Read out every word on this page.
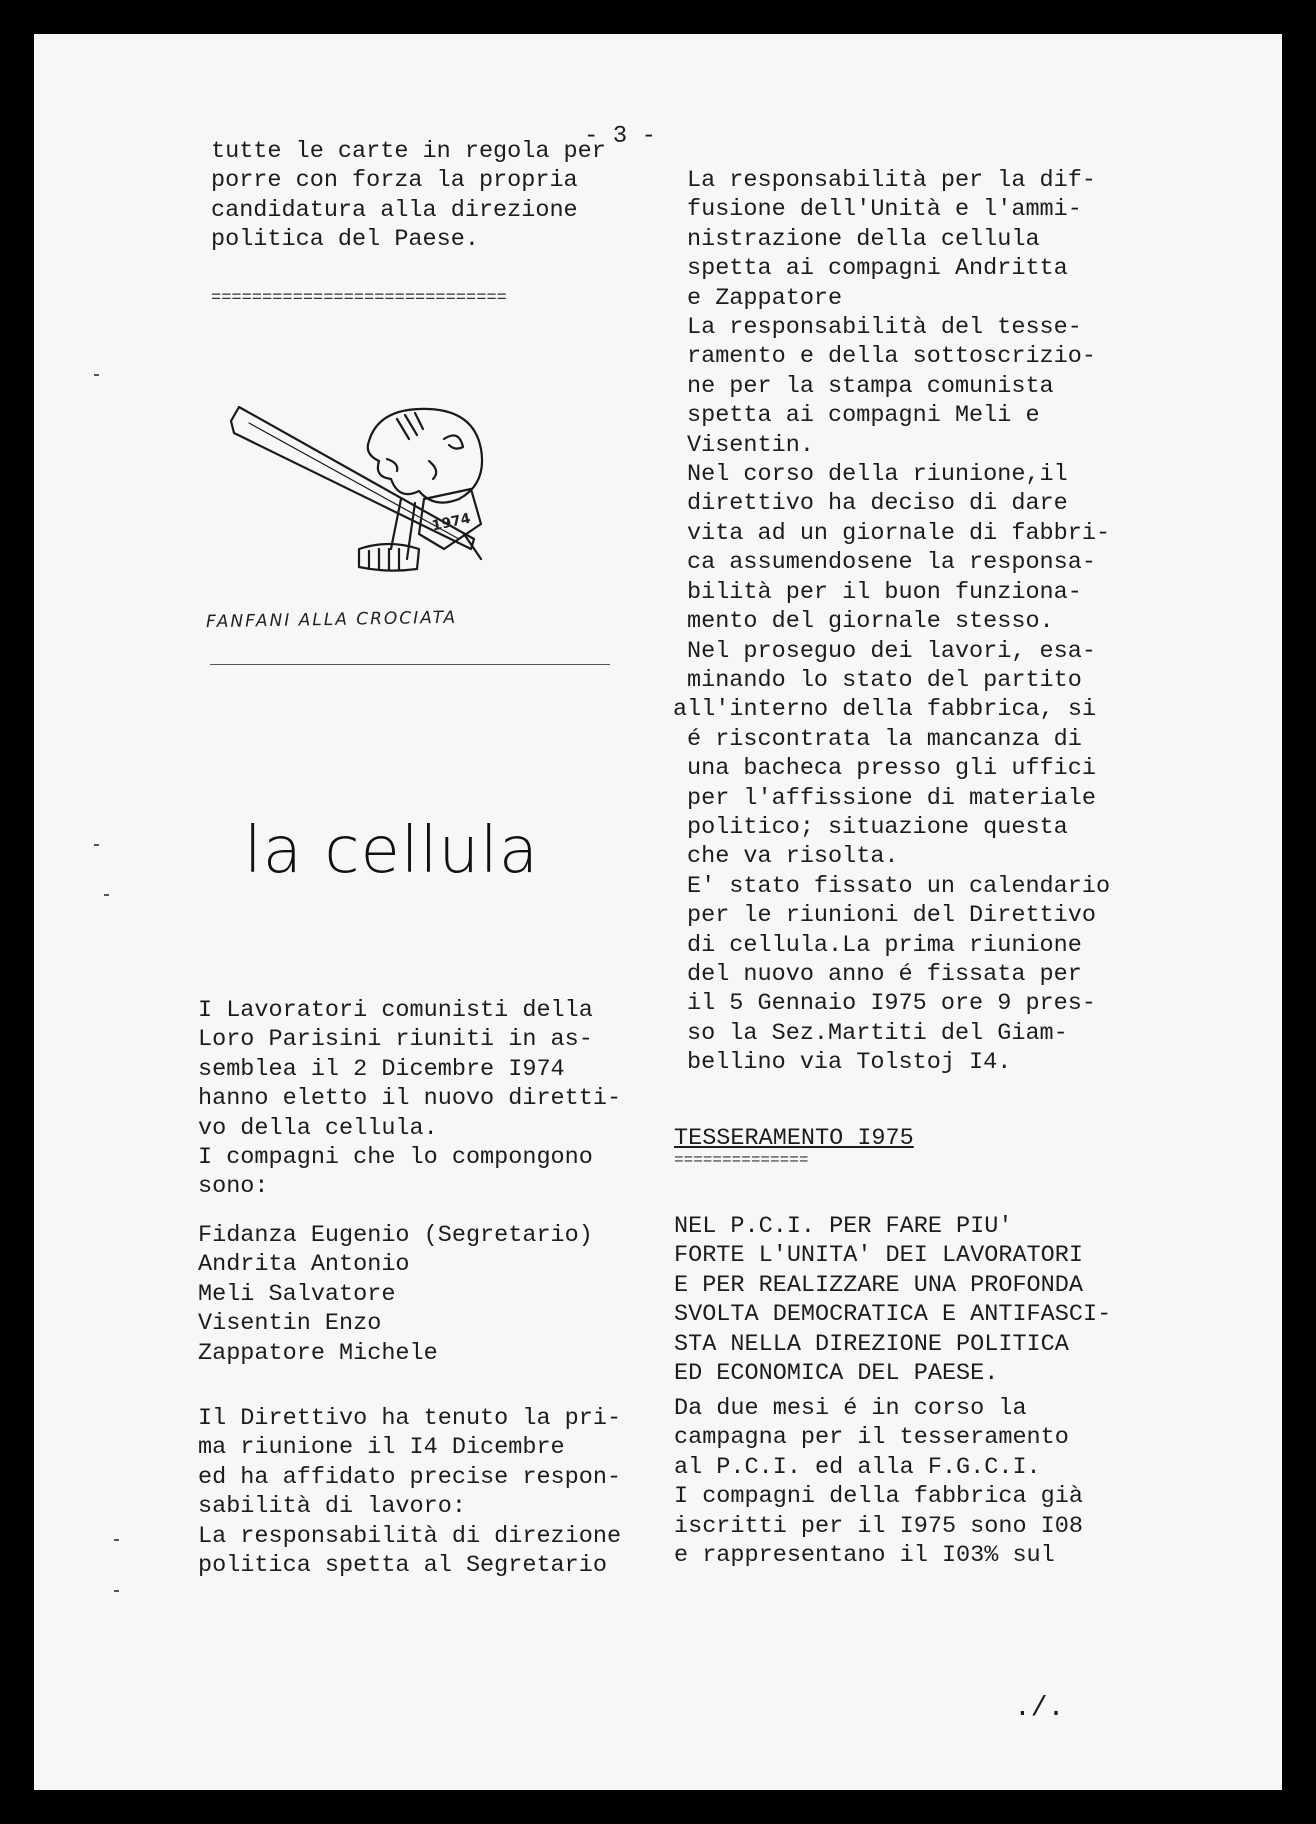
- 3 -

tutte le carte in regola per

porre con forza la propria

candidatura alla direzione

politica del Paese.

=============================
1974
FANFANI ALLA CROCIATA
la cellula

I Lavoratori comunisti della

Loro Parisini riuniti in as-

semblea il 2 Dicembre I974

hanno eletto il nuovo diretti-

vo della cellula.

I compagni che lo compongono

sono:

Fidanza Eugenio (Segretario)

Andrita Antonio

Meli Salvatore

Visentin Enzo

Zappatore Michele

Il Direttivo ha tenuto la pri-

ma riunione il I4 Dicembre

ed ha affidato precise respon-

sabilità di lavoro:

La responsabilità di direzione

politica spetta al Segretario

La responsabilità per la dif-

fusione dell'Unità e l'ammi-

nistrazione della cellula

spetta ai compagni Andritta

e Zappatore

La responsabilità del tesse-

ramento e della sottoscrizio-

ne per la stampa comunista

spetta ai compagni Meli e

Visentin.

Nel corso della riunione,il

direttivo ha deciso di dare

vita ad un giornale di fabbri-

ca assumendosene la responsa-

bilità per il buon funziona-

mento del giornale stesso.

Nel proseguo dei lavori, esa-

minando lo stato del partito

all'interno della fabbrica, si

é riscontrata la mancanza di

una bacheca presso gli uffici

per l'affissione di materiale

politico; situazione questa

che va risolta.

E' stato fissato un calendario

per le riunioni del Direttivo

di cellula.La prima riunione

del nuovo anno é fissata per

il 5 Gennaio I975 ore 9 pres-

so la Sez.Martiti del Giam-

bellino via Tolstoj I4.

TESSERAMENTO I975
==============

NEL P.C.I. PER FARE PIU'

FORTE L'UNITA' DEI LAVORATORI

E PER REALIZZARE UNA PROFONDA

SVOLTA DEMOCRATICA E ANTIFASCI-

STA NELLA DIREZIONE POLITICA

ED ECONOMICA DEL PAESE.

Da due mesi é in corso la

campagna per il tesseramento

al P.C.I. ed alla F.G.C.I.

I compagni della fabbrica già

iscritti per il I975 sono I08

e rappresentano il I03% sul

./.
